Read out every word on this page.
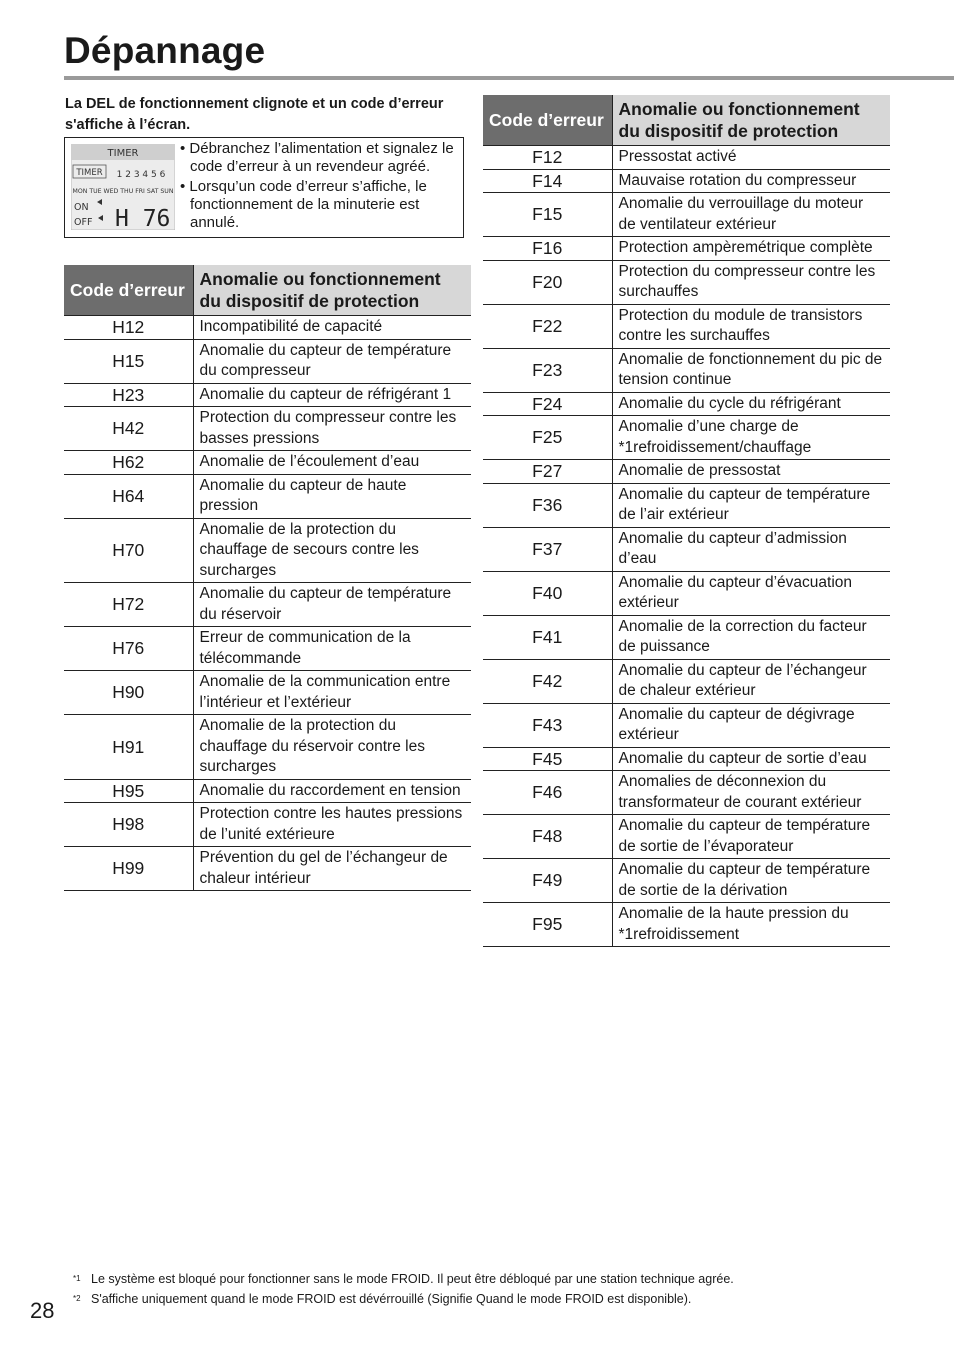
Dépannage
La DEL de fonctionnement clignote et un code d’erreur s'affiche à l’écran.
TIMER
TIMER 1 2 3 4 5 6
MON TUE WED THU FRI SAT SUN
ON
OFF H 76
• Débranchez l’alimentation et signalez le code d’erreur à un revendeur agréé.
• Lorsqu’un code d’erreur s’affiche, le fonctionnement de la minuterie est annulé.
Code d’erreur	Anomalie ou fonctionnement du dispositif de protection
H12	Incompatibilité de capacité
H15	Anomalie du capteur de température du compresseur
H23	Anomalie du capteur de réfrigérant 1
H42	Protection du compresseur contre les basses pressions
H62	Anomalie de l’écoulement d’eau
H64	Anomalie du capteur de haute pression
H70	Anomalie de la protection du chauffage de secours contre les surcharges
H72	Anomalie du capteur de température du réservoir
H76	Erreur de communication de la télécommande
H90	Anomalie de la communication entre l’intérieur et l’extérieur
H91	Anomalie de la protection du chauffage du réservoir contre les surcharges
H95	Anomalie du raccordement en tension
H98	Protection contre les hautes pressions de l’unité extérieure
H99	Prévention du gel de l’échangeur de chaleur intérieur
Code d’erreur	Anomalie ou fonctionnement du dispositif de protection
F12	Pressostat activé
F14	Mauvaise rotation du compresseur
F15	Anomalie du verrouillage du moteur de ventilateur extérieur
F16	Protection ampèremétrique complète
F20	Protection du compresseur contre les surchauffes
F22	Protection du module de transistors contre les surchauffes
F23	Anomalie de fonctionnement du pic de tension continue
F24	Anomalie du cycle du réfrigérant
F25	Anomalie d’une charge de *1refroidissement/chauffage
F27	Anomalie de pressostat
F36	Anomalie du capteur de température de l’air extérieur
F37	Anomalie du capteur d’admission d’eau
F40	Anomalie du capteur d’évacuation extérieur
F41	Anomalie de la correction du facteur de puissance
F42	Anomalie du capteur de l’échangeur de chaleur extérieur
F43	Anomalie du capteur de dégivrage extérieur
F45	Anomalie du capteur de sortie d’eau
F46	Anomalies de déconnexion du transformateur de courant extérieur
F48	Anomalie du capteur de température de sortie de l’évaporateur
F49	Anomalie du capteur de température de sortie de la dérivation
F95	Anomalie de la haute pression du *1refroidissement
*1 Le système est bloqué pour fonctionner sans le mode FROID. Il peut être débloqué par une station technique agrée.
*2 S'affiche uniquement quand le mode FROID est dévérrouillé (Signifie Quand le mode FROID est disponible).
28
